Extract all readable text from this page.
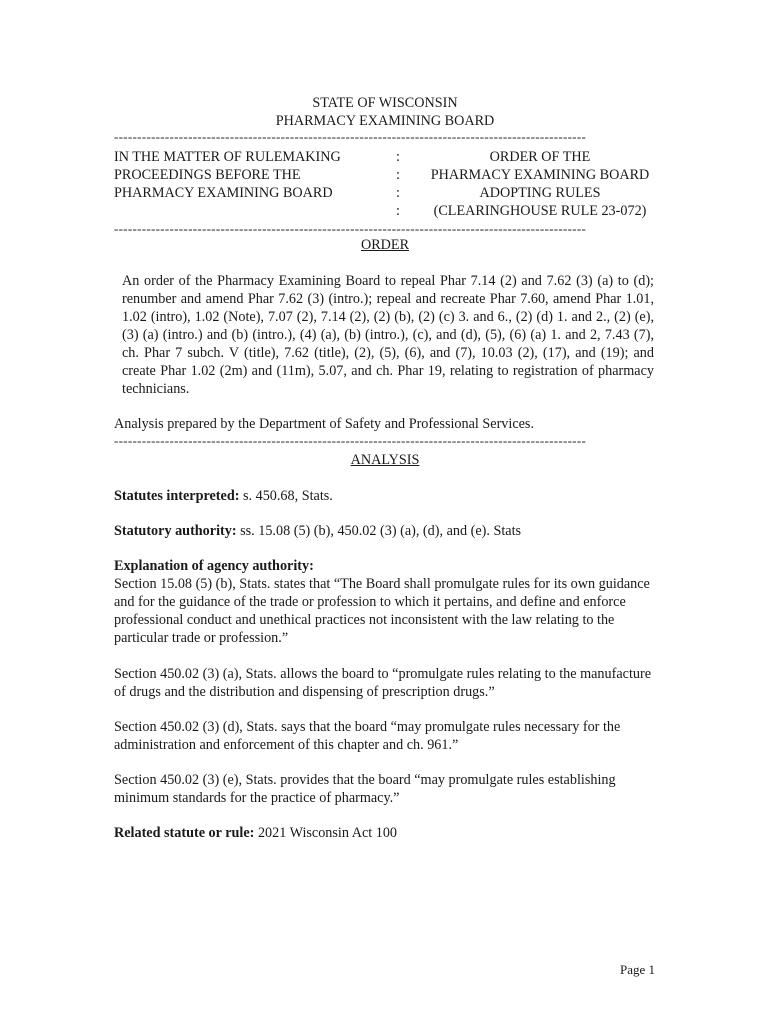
STATE OF WISCONSIN
PHARMACY EXAMINING BOARD
------------------------------------------------------------------------------------------------------
IN THE MATTER OF RULEMAKING
PROCEEDINGS BEFORE THE
PHARMACY EXAMINING BOARD
:
:
:
:
ORDER OF THE
PHARMACY EXAMINING BOARD
ADOPTING RULES
(CLEARINGHOUSE RULE 23-072)
------------------------------------------------------------------------------------------------------
ORDER
An order of the Pharmacy Examining Board to repeal Phar 7.14 (2) and 7.62 (3) (a) to (d); renumber and amend Phar 7.62 (3) (intro.); repeal and recreate Phar 7.60, amend Phar 1.01, 1.02 (intro), 1.02 (Note), 7.07 (2), 7.14 (2), (2) (b), (2) (c) 3. and 6., (2) (d) 1. and 2., (2) (e), (3) (a) (intro.) and (b) (intro.), (4) (a), (b) (intro.), (c), and (d), (5), (6) (a) 1. and 2, 7.43 (7), ch. Phar 7 subch. V (title), 7.62 (title), (2), (5), (6), and (7), 10.03 (2), (17), and (19); and create Phar 1.02 (2m) and (11m), 5.07, and ch. Phar 19, relating to registration of pharmacy technicians.
Analysis prepared by the Department of Safety and Professional Services.
------------------------------------------------------------------------------------------------------
ANALYSIS
Statutes interpreted: s. 450.68, Stats.
Statutory authority: ss. 15.08 (5) (b), 450.02 (3) (a), (d), and (e). Stats
Explanation of agency authority:
Section 15.08 (5) (b), Stats. states that “The Board shall promulgate rules for its own guidance and for the guidance of the trade or profession to which it pertains, and define and enforce professional conduct and unethical practices not inconsistent with the law relating to the particular trade or profession.”
Section 450.02 (3) (a), Stats. allows the board to “promulgate rules relating to the manufacture of drugs and the distribution and dispensing of prescription drugs.”
Section 450.02 (3) (d), Stats. says that the board “may promulgate rules necessary for the administration and enforcement of this chapter and ch. 961.”
Section 450.02 (3) (e), Stats. provides that the board “may promulgate rules establishing minimum standards for the practice of pharmacy.”
Related statute or rule: 2021 Wisconsin Act 100
Page 1
